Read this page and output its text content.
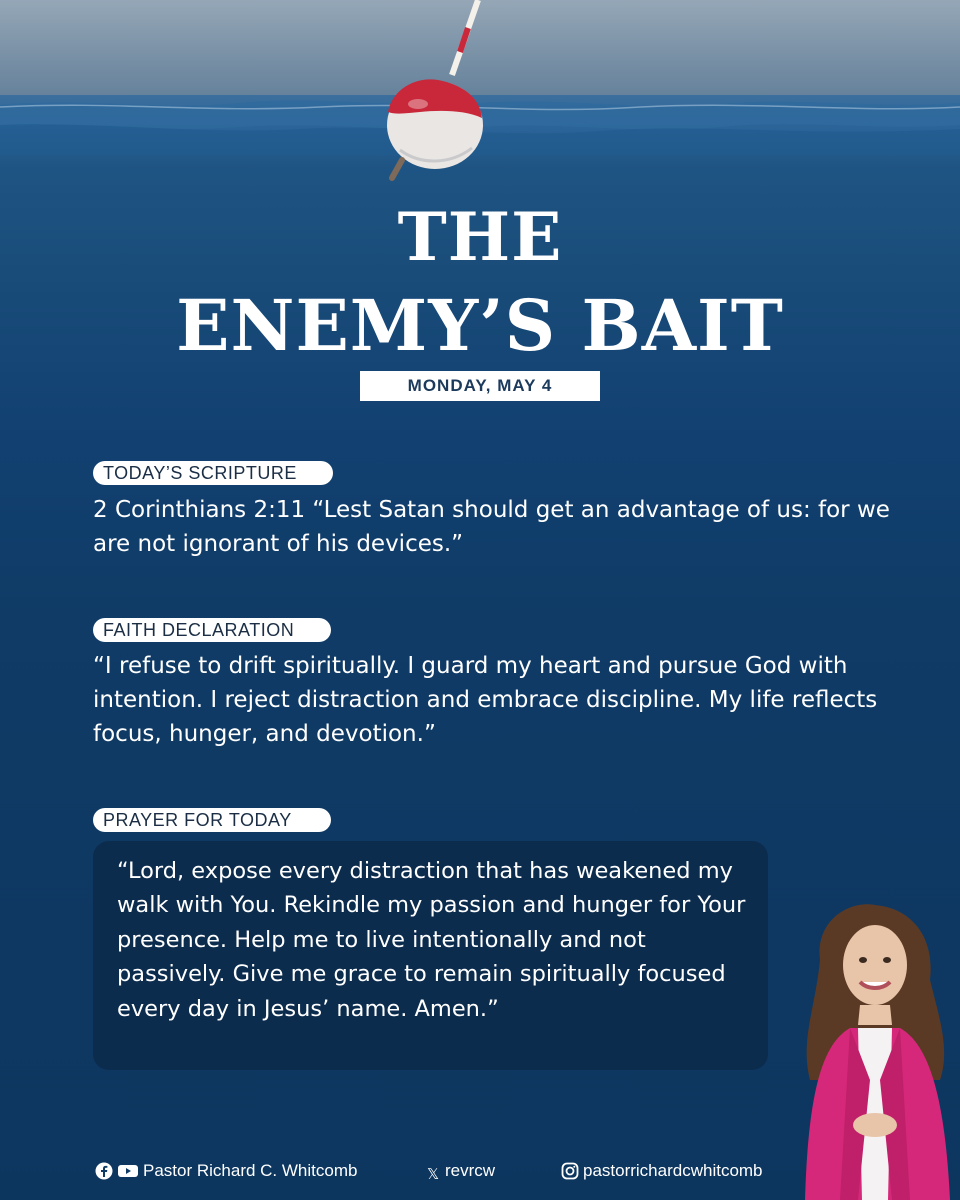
THE
ENEMY’S BAIT
MONDAY, MAY 4
TODAY’S SCRIPTURE
2 Corinthians 2:11 “Lest Satan should get an advantage of us: for we are not ignorant of his devices.”
FAITH DECLARATION
“I refuse to drift spiritually. I guard my heart and pursue God with intention. I reject distraction and embrace discipline. My life reflects focus, hunger, and devotion.”
PRAYER FOR TODAY
“Lord, expose every distraction that has weakened my walk with You. Rekindle my passion and hunger for Your presence. Help me to live intentionally and not passively. Give me grace to remain spiritually focused every day in Jesus’ name. Amen.”
Pastor Richard C. Whitcomb	𝕏 revrcw	pastorrichardcwhitcomb
